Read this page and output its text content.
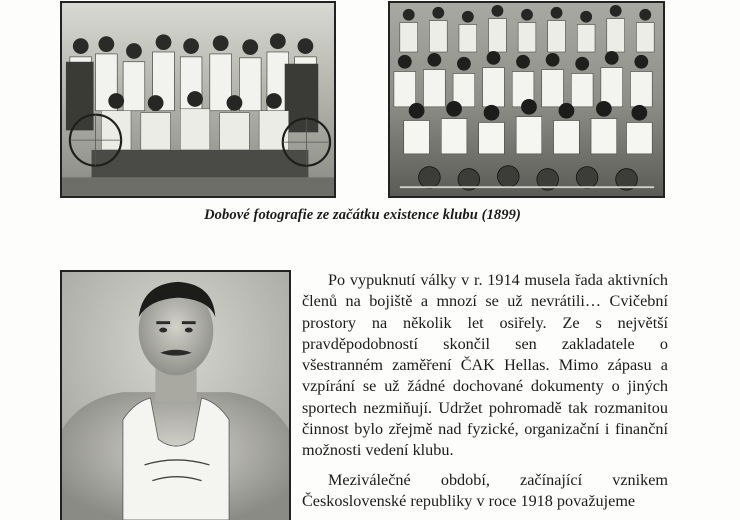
Dobové fotografie ze začátku existence klubu (1899)

Po vypuknutí války v r. 1914 musela řada aktivních členů na bojiště a mnozí se už nevrátili… Cvičební prostory na několik let osiřely. Ze s největší pravděpodobností skončil sen zakladatele o všestranném zaměření ČAK Hellas. Mimo zápasu a vzpírání se už žádné dochované dokumenty o jiných sportech nezmiňují. Udržet pohromadě tak rozmanitou činnost bylo zřejmě nad fyzické, organizační i finanční možnosti vedení klubu.

Meziválečné období, začínající vznikem Československé republiky v roce 1918 považujeme
